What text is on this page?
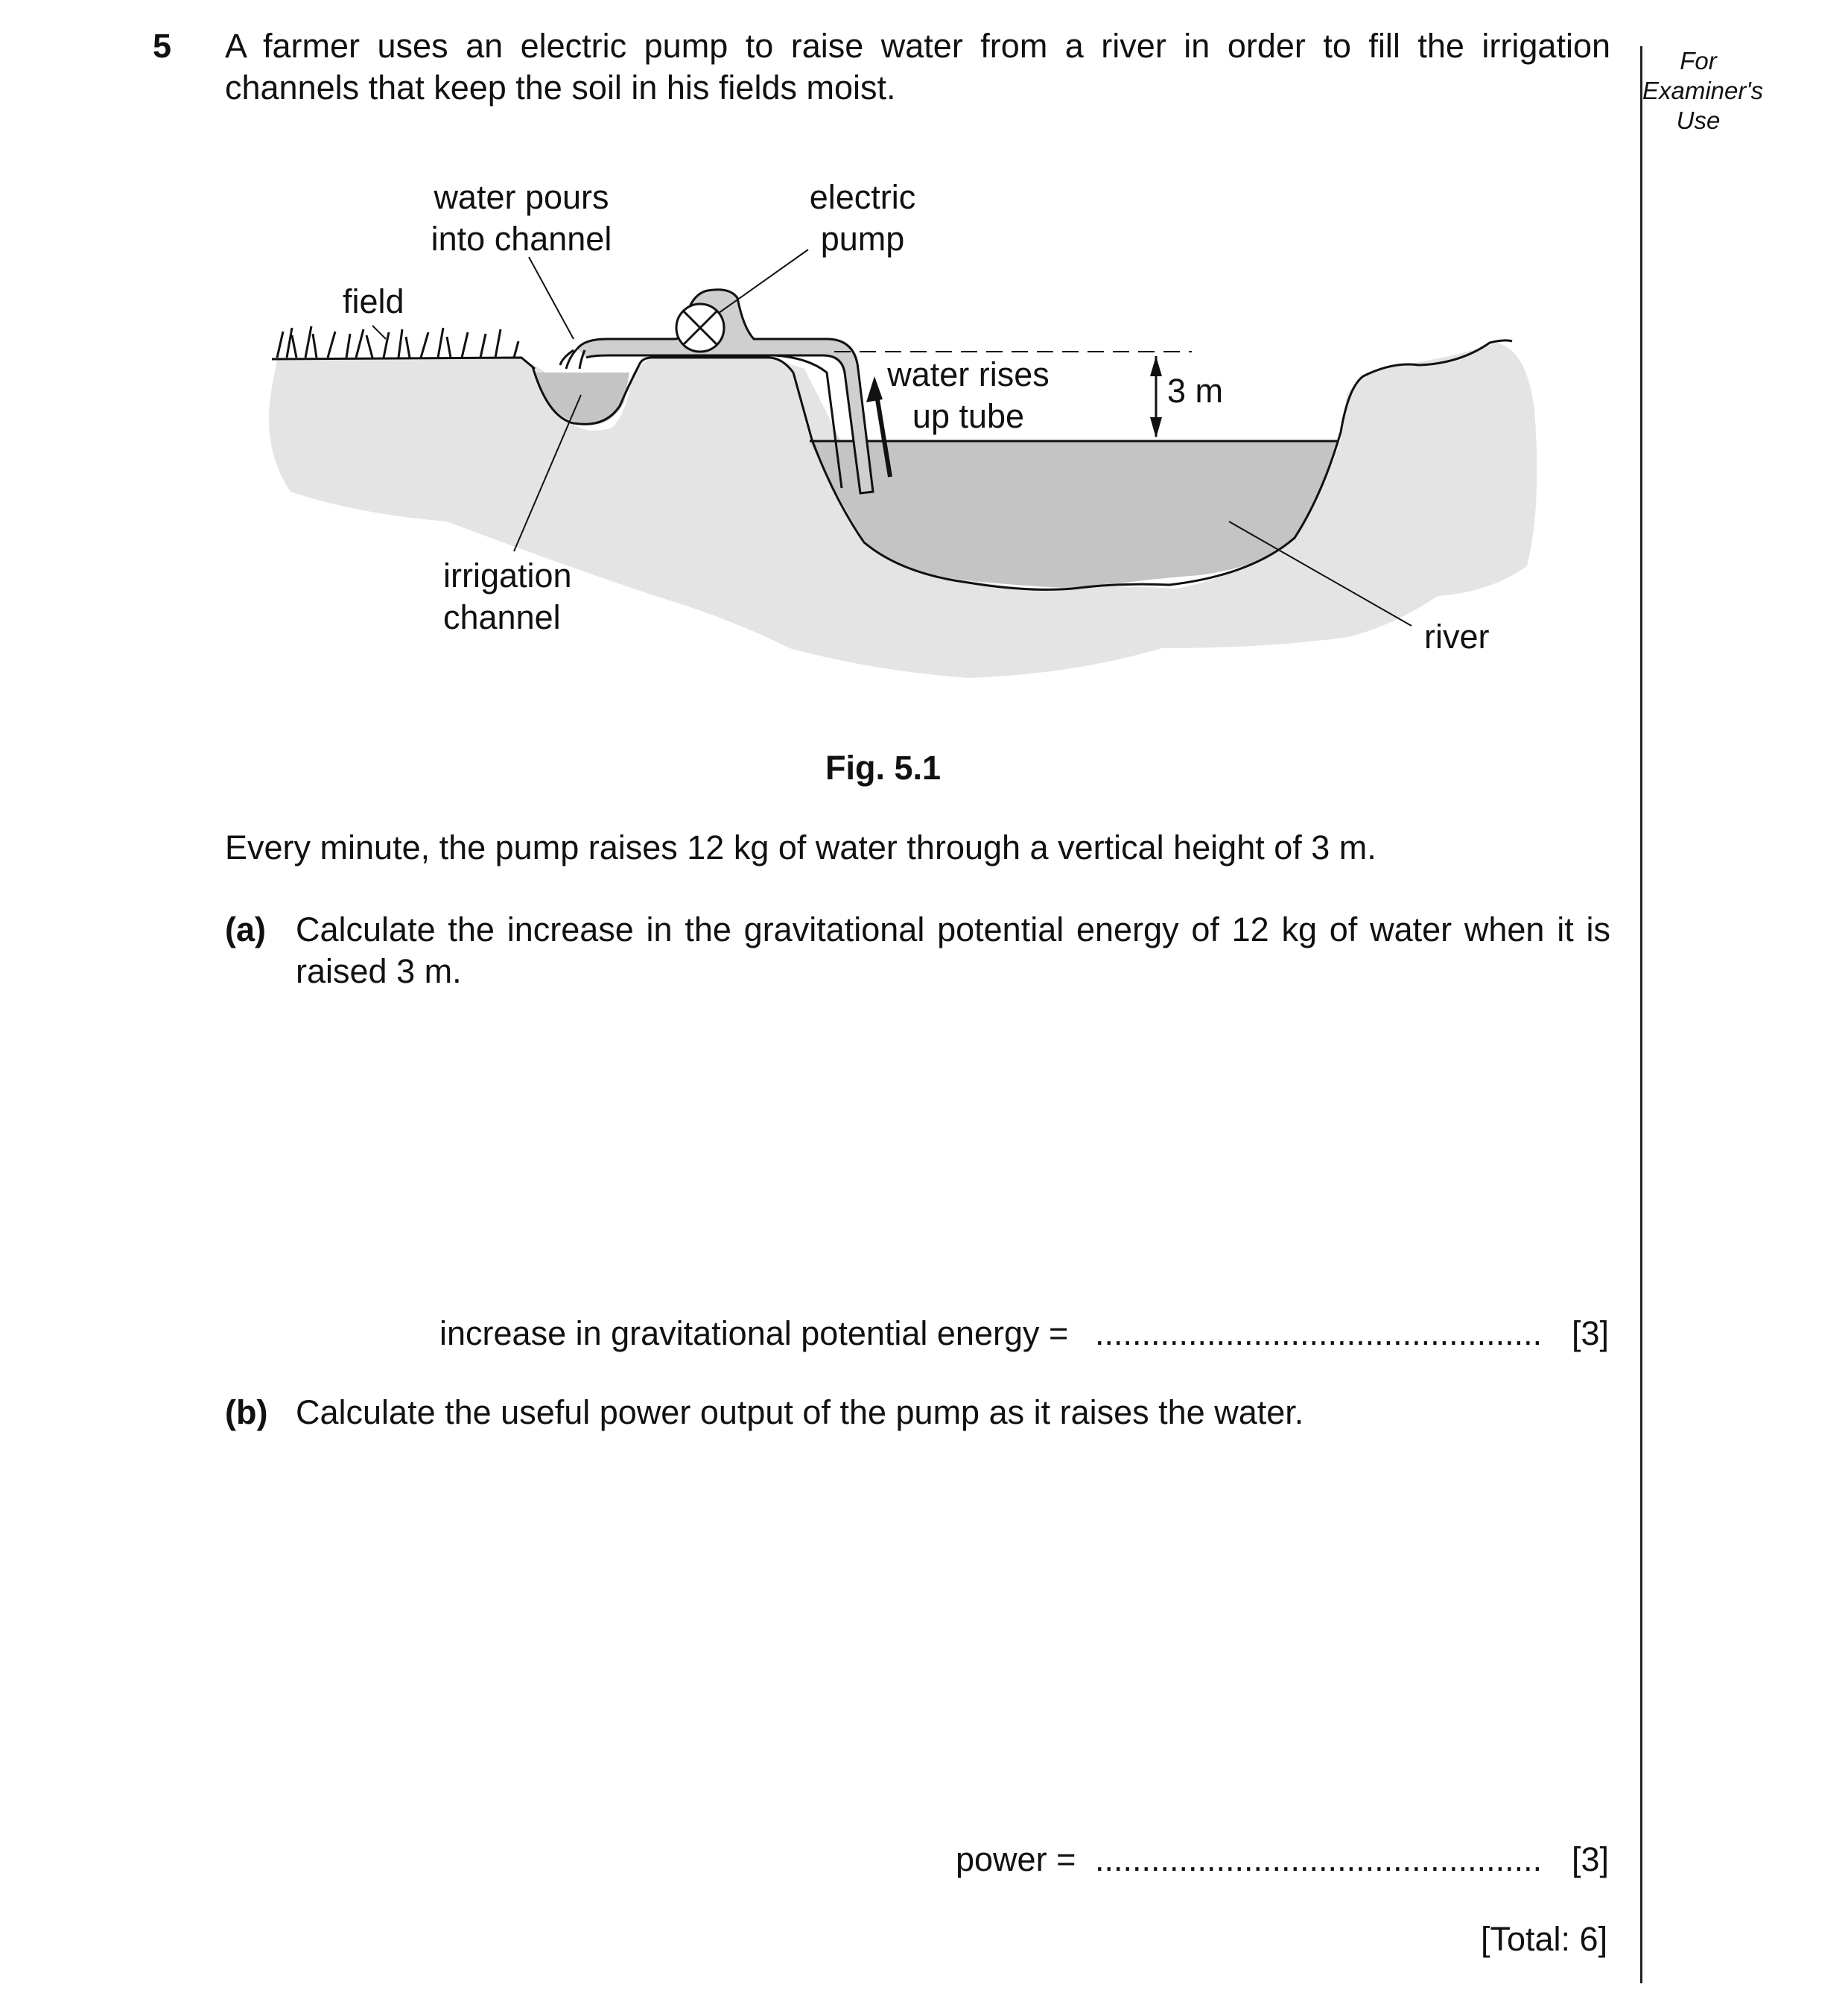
For
Examiner's
Use
5 A farmer uses an electric pump to raise water from a river in order to fill the irrigation channels that keep the soil in his fields moist.
field
water pours
into channel
electric
pump
water rises
up tube
3 m
irrigation
channel
river
Fig. 5.1
Every minute, the pump raises 12 kg of water through a vertical height of 3 m.
(a) Calculate the increase in the gravitational potential energy of 12 kg of water when it is raised 3 m.
increase in gravitational potential energy = ................................................ [3]
(b) Calculate the useful power output of the pump as it raises the water.
power = ................................................ [3]
[Total: 6]
